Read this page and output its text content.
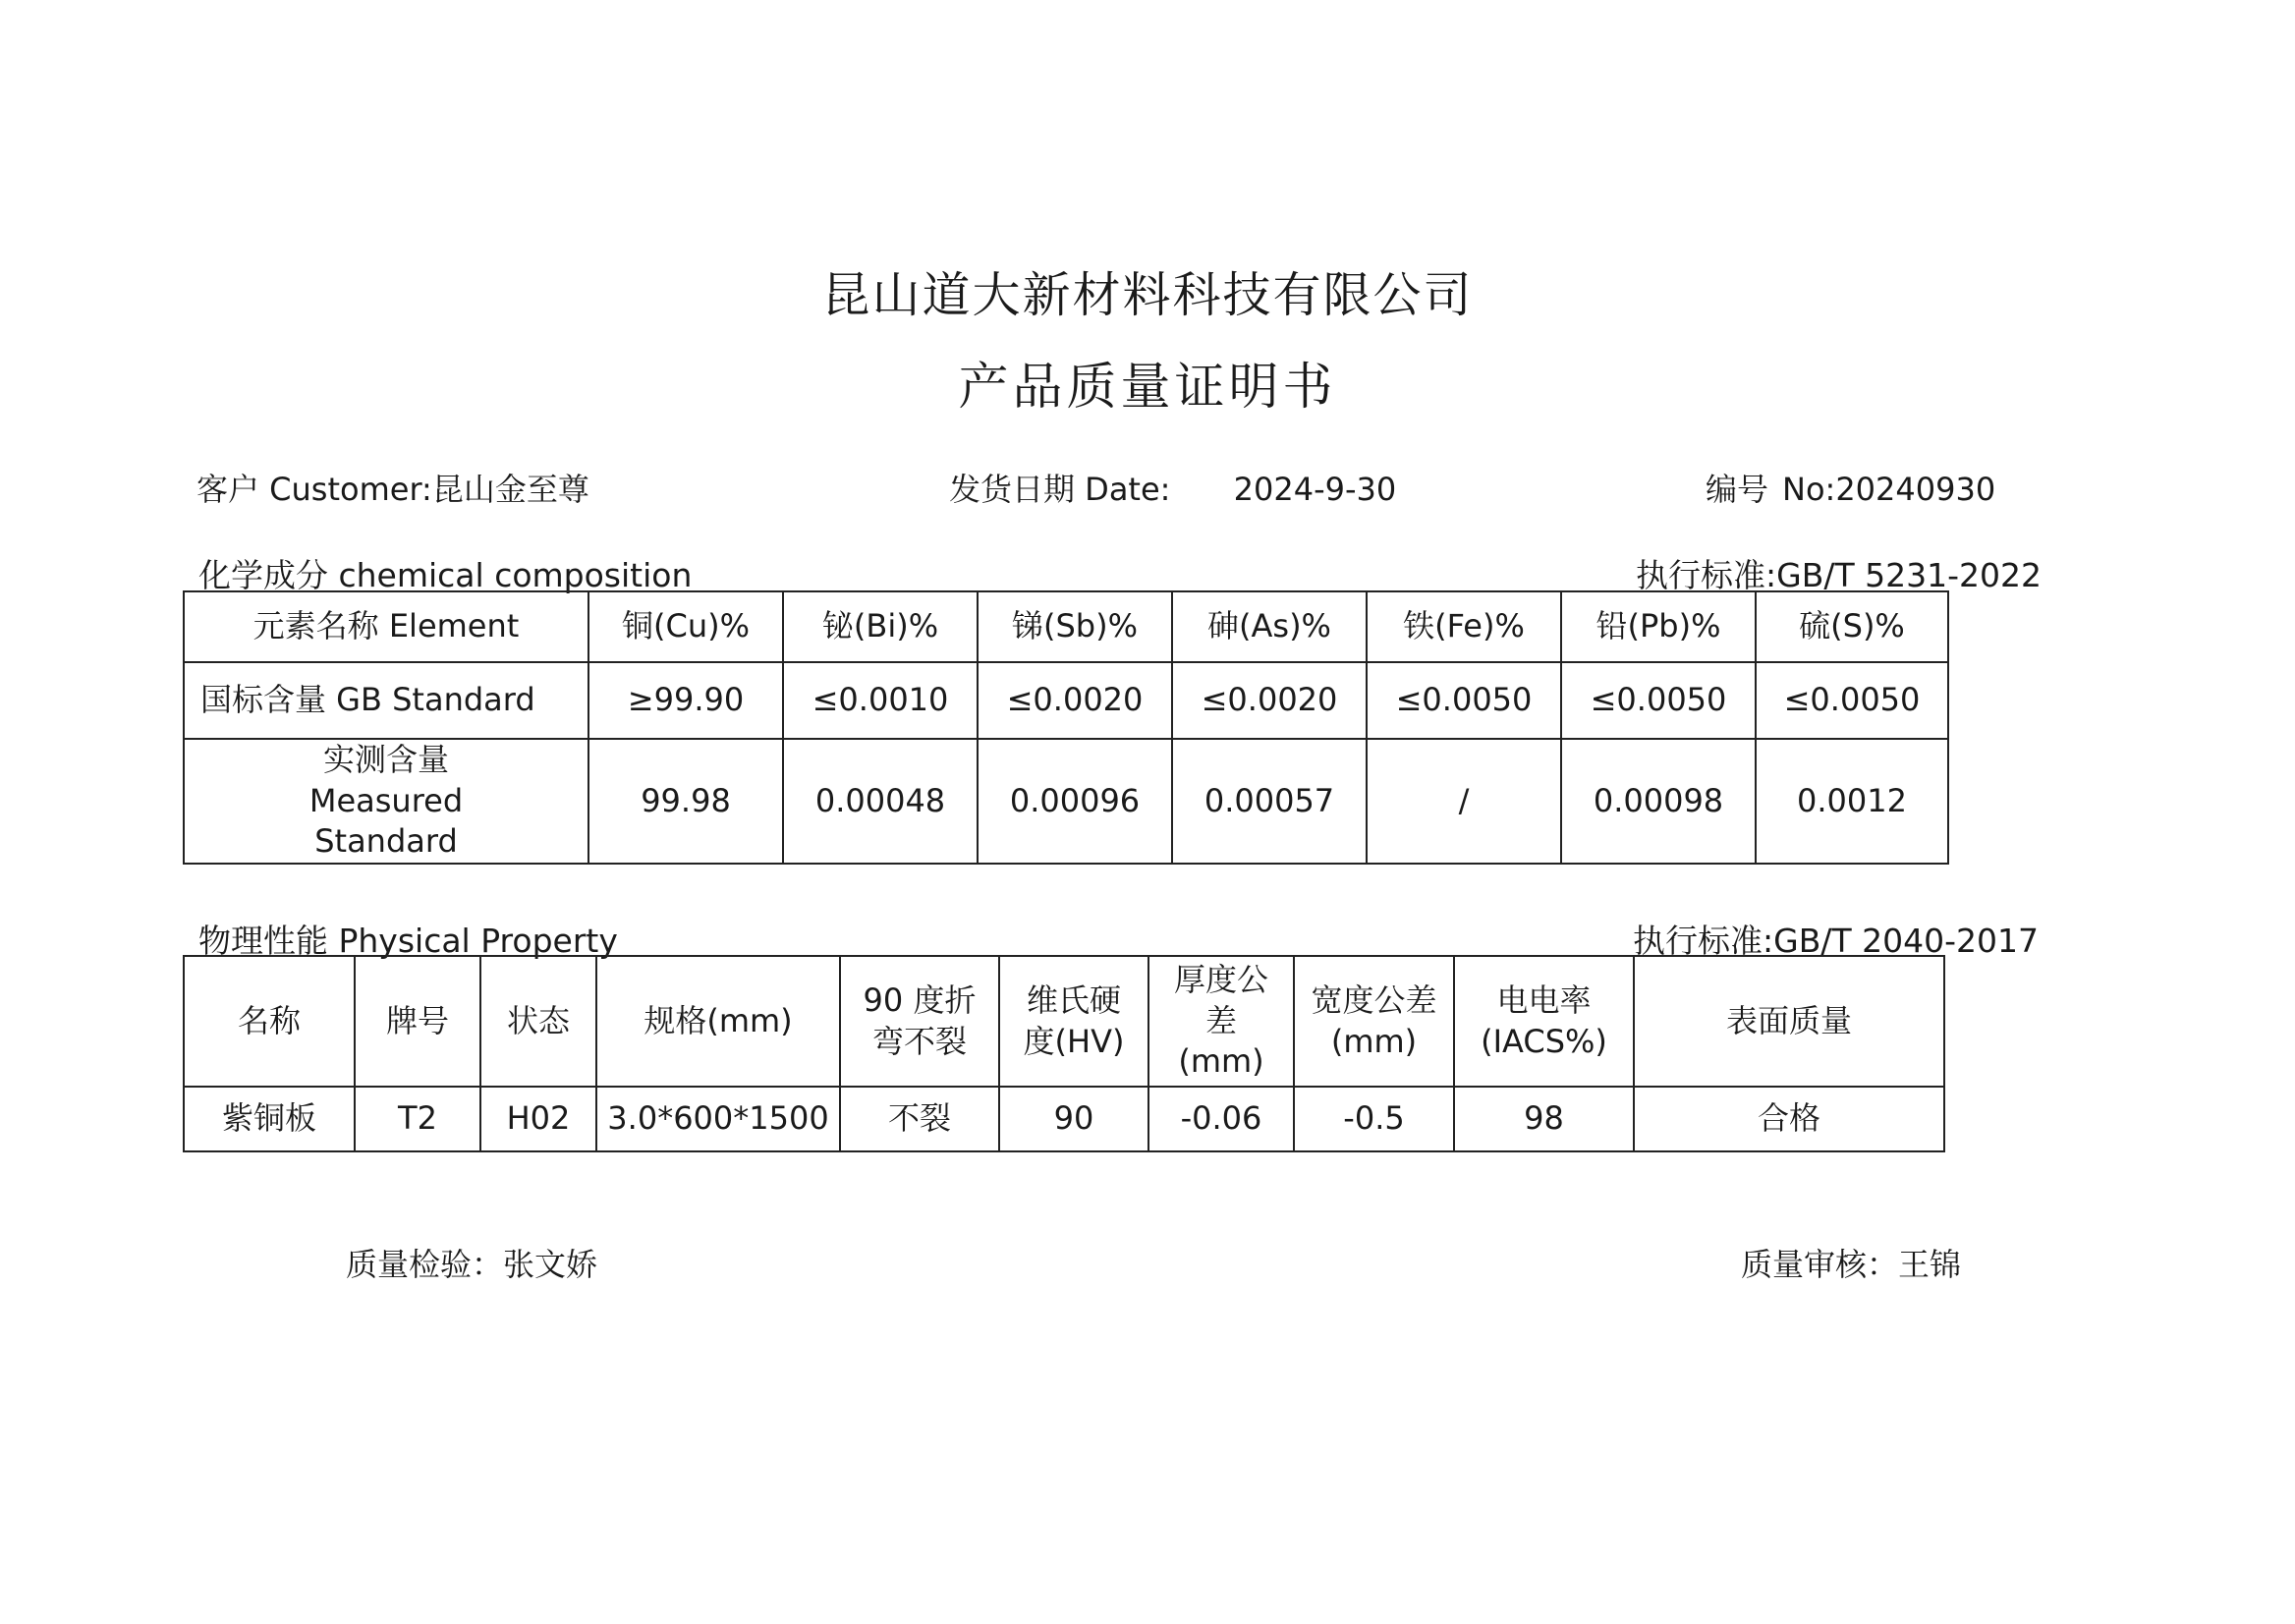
昆山道大新材料科技有限公司
产品质量证明书
客户 Customer:昆山金至尊	发货日期 Date: 2024-9-30	编号 No:20240930
化学成分 chemical composition	执行标准:GB/T 5231-2022
元素名称 Element	铜(Cu)%	铋(Bi)%	锑(Sb)%	砷(As)%	铁(Fe)%	铅(Pb)%	硫(S)%
国标含量 GB Standard	≥99.90	≤0.0010	≤0.0020	≤0.0020	≤0.0050	≤0.0050	≤0.0050
实测含量 Measured Standard	99.98	0.00048	0.00096	0.00057	/	0.00098	0.0012
物理性能 Physical Property	执行标准:GB/T 2040-2017
名称	牌号	状态	规格(mm)	90 度折弯不裂	维氏硬度(HV)	厚度公差(mm)	宽度公差(mm)	电电率(IACS%)	表面质量
紫铜板	T2	H02	3.0*600*1500	不裂	90	-0.06	-0.5	98	合格
质量检验：张文娇	质量审核：王锦
